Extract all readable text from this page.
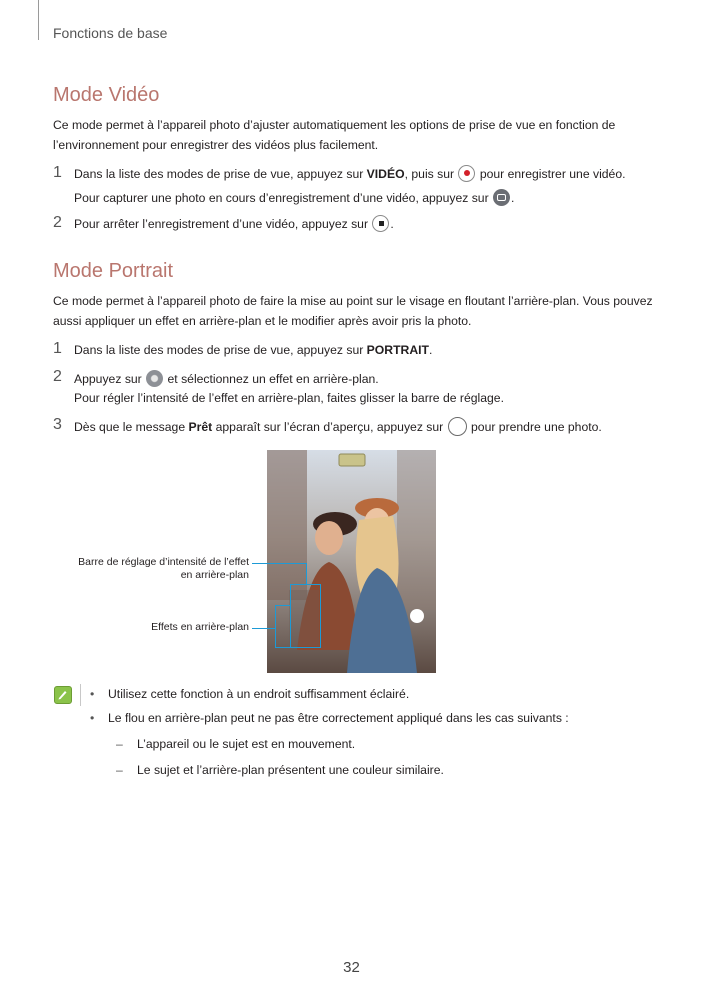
Fonctions de base
Mode Vidéo
Ce mode permet à l’appareil photo d’ajuster automatiquement les options de prise de vue en fonction de l’environnement pour enregistrer des vidéos plus facilement.
1 Dans la liste des modes de prise de vue, appuyez sur VIDÉO, puis sur  pour enregistrer une vidéo.
Pour capturer une photo en cours d’enregistrement d’une vidéo, appuyez sur .
2 Pour arrêter l’enregistrement d’une vidéo, appuyez sur .
Mode Portrait
Ce mode permet à l’appareil photo de faire la mise au point sur le visage en floutant l’arrière-plan. Vous pouvez aussi appliquer un effet en arrière-plan et le modifier après avoir pris la photo.
1 Dans la liste des modes de prise de vue, appuyez sur PORTRAIT.
2 Appuyez sur  et sélectionnez un effet en arrière-plan.
Pour régler l’intensité de l’effet en arrière-plan, faites glisser la barre de réglage.
3 Dès que le message Prêt apparaît sur l’écran d’aperçu, appuyez sur  pour prendre une photo.
Barre de réglage d’intensité de l’effet en arrière-plan
Effets en arrière-plan
• Utilisez cette fonction à un endroit suffisamment éclairé.
• Le flou en arrière-plan peut ne pas être correctement appliqué dans les cas suivants :
– L’appareil ou le sujet est en mouvement.
– Le sujet et l’arrière-plan présentent une couleur similaire.
32
